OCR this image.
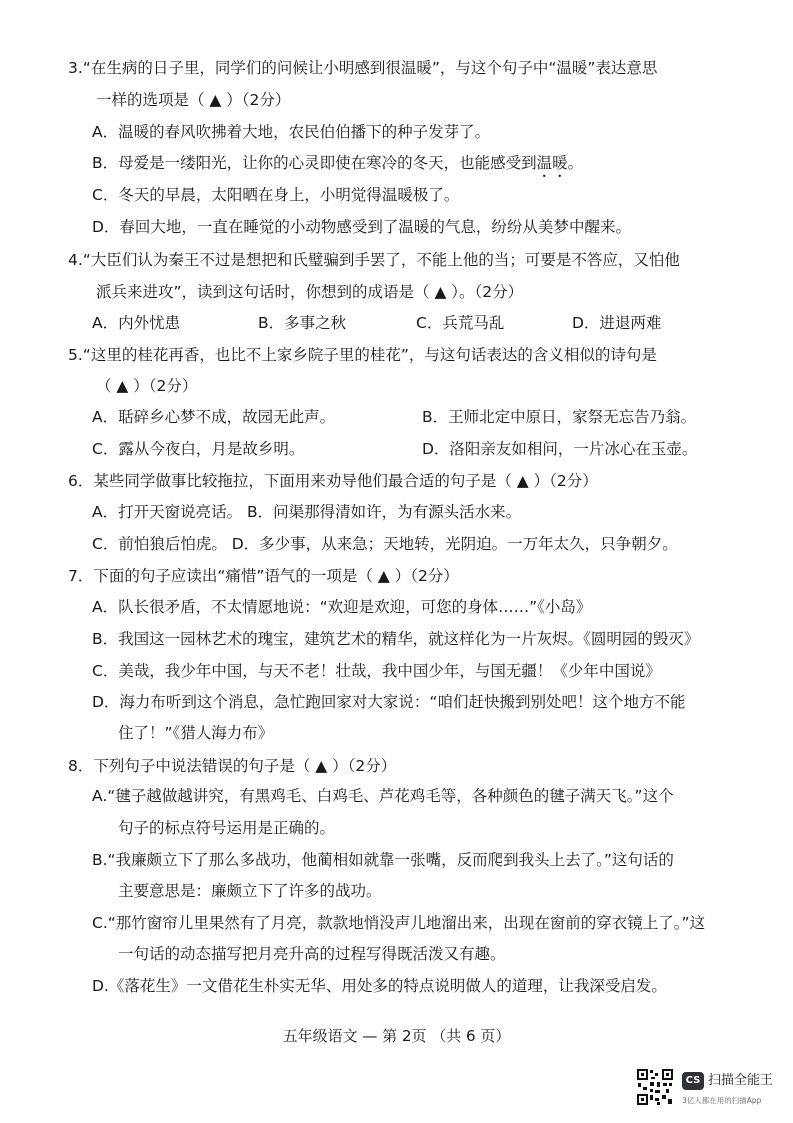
3.“在生病的日子里，同学们的问候让小明感到很温暖”，与这个句子中“温暖”表达意思
一样的选项是（ ▲ ）（2分）
A．温暖的春风吹拂着大地，农民伯伯播下的种子发芽了。
B．母爱是一缕阳光，让你的心灵即使在寒冷的冬天，也能感受到温暖。
C．冬天的早晨，太阳晒在身上，小明觉得温暖极了。
D．春回大地，一直在睡觉的小动物感受到了温暖的气息，纷纷从美梦中醒来。
4.“大臣们认为秦王不过是想把和氏璧骗到手罢了，不能上他的当；可要是不答应，又怕他
派兵来进攻”，读到这句话时，你想到的成语是（ ▲ ）。（2分）
A．内外忧患	B．多事之秋	C．兵荒马乱	D．进退两难
5.“这里的桂花再香，也比不上家乡院子里的桂花”，与这句话表达的含义相似的诗句是
（ ▲ ）（2分）
A．聒碎乡心梦不成，故园无此声。	B．王师北定中原日，家祭无忘告乃翁。
C．露从今夜白，月是故乡明。	D．洛阳亲友如相问，一片冰心在玉壶。
6．某些同学做事比较拖拉，下面用来劝导他们最合适的句子是（ ▲ ）（2分）
A．打开天窗说亮话。 B．问渠那得清如许，为有源头活水来。
C．前怕狼后怕虎。 D．多少事，从来急；天地转，光阴迫。一万年太久，只争朝夕。
7．下面的句子应读出“痛惜”语气的一项是（ ▲ ）（2分）
A．队长很矛盾，不太情愿地说：“欢迎是欢迎，可您的身体……”《小岛》
B．我国这一园林艺术的瑰宝，建筑艺术的精华，就这样化为一片灰烬。《圆明园的毁灭》
C．美哉，我少年中国，与天不老！壮哉，我中国少年，与国无疆！《少年中国说》
D．海力布听到这个消息，急忙跑回家对大家说：“咱们赶快搬到别处吧！这个地方不能
住了！”《猎人海力布》
8．下列句子中说法错误的句子是（ ▲ ）（2分）
A.“毽子越做越讲究，有黑鸡毛、白鸡毛、芦花鸡毛等，各种颜色的毽子满天飞。”这个
句子的标点符号运用是正确的。
B.“我廉颇立下了那么多战功，他蔺相如就靠一张嘴，反而爬到我头上去了。”这句话的
主要意思是：廉颇立下了许多的战功。
C.“那竹窗帘儿里果然有了月亮，款款地悄没声儿地溜出来，出现在窗前的穿衣镜上了。”这
一句话的动态描写把月亮升高的过程写得既活泼又有趣。
D.《落花生》一文借花生朴实无华、用处多的特点说明做人的道理，让我深受启发。
五年级语文 — 第 2页 （共 6 页）
CS 扫描全能王
3亿人都在用的扫描App
